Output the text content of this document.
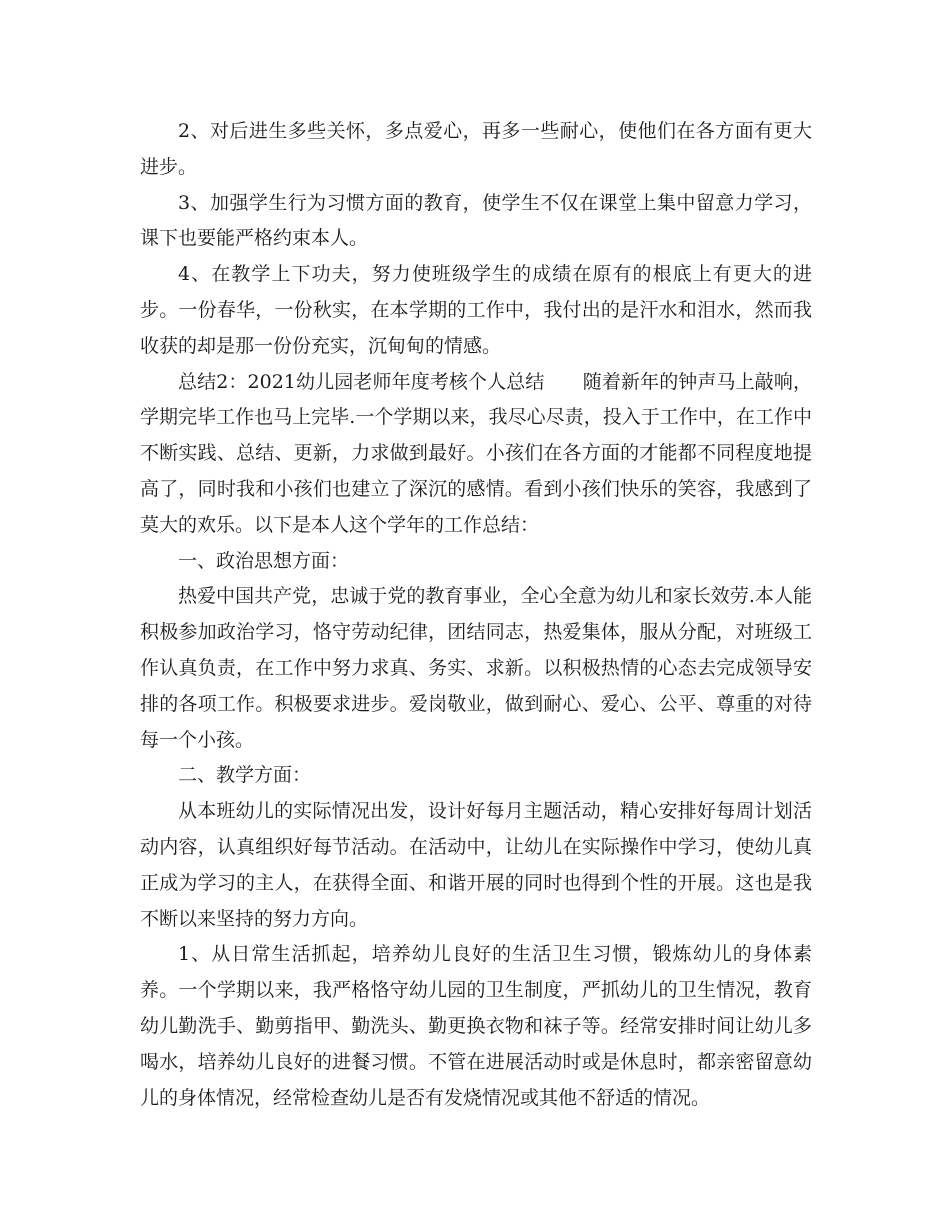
2、对后进生多些关怀，多点爱心，再多一些耐心，使他们在各方面有更大进步。

3、加强学生行为习惯方面的教育，使学生不仅在课堂上集中留意力学习，课下也要能严格约束本人。

4、在教学上下功夫，努力使班级学生的成绩在原有的根底上有更大的进步。一份春华，一份秋实，在本学期的工作中，我付出的是汗水和泪水，然而我收获的却是那一份份充实，沉甸甸的情感。

总结2：2021幼儿园老师年度考核个人总结　　随着新年的钟声马上敲响，学期完毕工作也马上完毕.一个学期以来，我尽心尽责，投入于工作中，在工作中不断实践、总结、更新，力求做到最好。小孩们在各方面的才能都不同程度地提高了，同时我和小孩们也建立了深沉的感情。看到小孩们快乐的笑容，我感到了莫大的欢乐。以下是本人这个学年的工作总结：

一、政治思想方面：

热爱中国共产党，忠诚于党的教育事业，全心全意为幼儿和家长效劳.本人能积极参加政治学习，恪守劳动纪律，团结同志，热爱集体，服从分配，对班级工作认真负责，在工作中努力求真、务实、求新。以积极热情的心态去完成领导安排的各项工作。积极要求进步。爱岗敬业，做到耐心、爱心、公平、尊重的对待每一个小孩。

二、教学方面：

从本班幼儿的实际情况出发，设计好每月主题活动，精心安排好每周计划活动内容，认真组织好每节活动。在活动中，让幼儿在实际操作中学习，使幼儿真正成为学习的主人，在获得全面、和谐开展的同时也得到个性的开展。这也是我不断以来坚持的努力方向。

1、从日常生活抓起，培养幼儿良好的生活卫生习惯，锻炼幼儿的身体素养。一个学期以来，我严格恪守幼儿园的卫生制度，严抓幼儿的卫生情况，教育幼儿勤洗手、勤剪指甲、勤洗头、勤更换衣物和袜子等。经常安排时间让幼儿多喝水，培养幼儿良好的进餐习惯。不管在进展活动时或是休息时，都亲密留意幼儿的身体情况，经常检查幼儿是否有发烧情况或其他不舒适的情况。
